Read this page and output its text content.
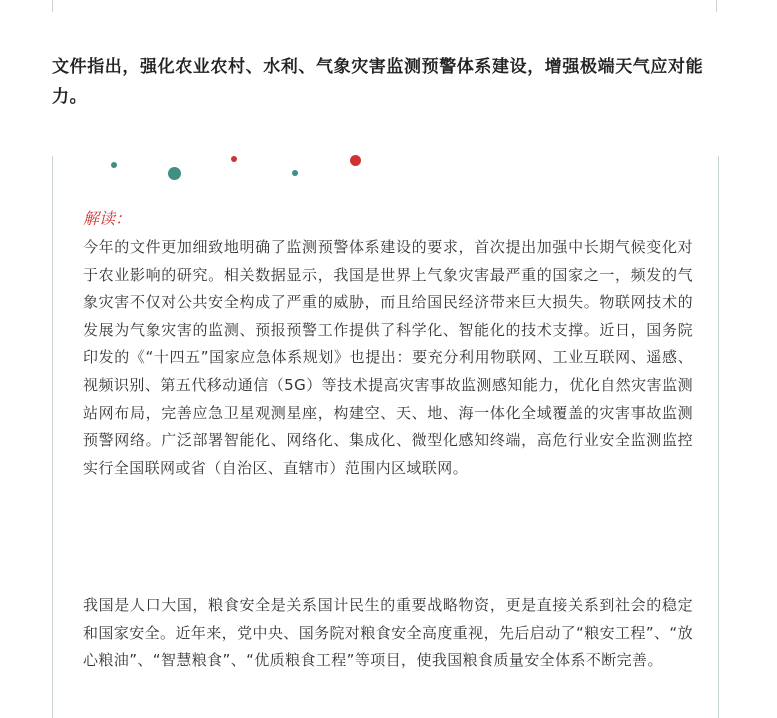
文件指出，强化农业农村、水利、气象灾害监测预警体系建设，增强极端天气应对能力。
解读：
今年的文件更加细致地明确了监测预警体系建设的要求，首次提出加强中长期气候变化对于农业影响的研究。相关数据显示，我国是世界上气象灾害最严重的国家之一，频发的气象灾害不仅对公共安全构成了严重的威胁，而且给国民经济带来巨大损失。物联网技术的发展为气象灾害的监测、预报预警工作提供了科学化、智能化的技术支撑。近日，国务院印发的《“十四五”国家应急体系规划》也提出：要充分利用物联网、工业互联网、遥感、视频识别、第五代移动通信（5G）等技术提高灾害事故监测感知能力，优化自然灾害监测站网布局，完善应急卫星观测星座，构建空、天、地、海一体化全域覆盖的灾害事故监测预警网络。广泛部署智能化、网络化、集成化、微型化感知终端，高危行业安全监测监控实行全国联网或省（自治区、直辖市）范围内区域联网。
我国是人口大国，粮食安全是关系国计民生的重要战略物资，更是直接关系到社会的稳定和国家安全。近年来，党中央、国务院对粮食安全高度重视，先后启动了“粮安工程”、“放心粮油”、“智慧粮食”、“优质粮食工程”等项目，使我国粮食质量安全体系不断完善。
